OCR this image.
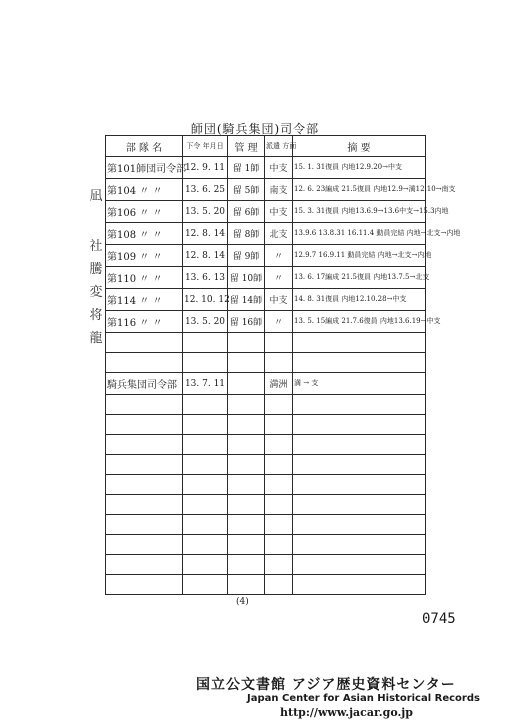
師団(騎兵集団)司令部
凪
社
騰
変
将
龍
部 隊 名	下令 年月日	管 理	派遣 方面	摘 要
第101師団司令部	12. 9. 11	留 1師	中支	15. 1. 31復員 内地12.9.20→中支
第104 〃 〃	13. 6. 25	留 5師	南支	12. 6. 23編成 21.5復員 内地12.9→満12.10→南支
第106 〃 〃	13. 5. 20	留 6師	中支	15. 3. 31復員 内地13.6.9→13.6中支→15.3内地
第108 〃 〃	12. 8. 14	留 8師	北支	13.9.6 13.8.31 16.11.4 動員完結 内地→北支→内地
第109 〃 〃	12. 8. 14	留 9師	〃	12.9.7 16.9.11 動員完結 内地→北支→内地
第110 〃 〃	13. 6. 13	留 10師	〃	13. 6. 17編成 21.5復員 内地13.7.5→北支
第114 〃 〃	12. 10. 12	留 14師	中支	14. 8. 31復員 内地12.10.28→中支
第116 〃 〃	13. 5. 20	留 16師	〃	13. 5. 15編成 21.7.6復員 内地13.6.19→中支

騎兵集団司令部	13. 7. 11		満洲	満 → 支

(4)
0745
国立公文書館 アジア歴史資料センター
Japan Center for Asian Historical Records
http://www.jacar.go.jp
